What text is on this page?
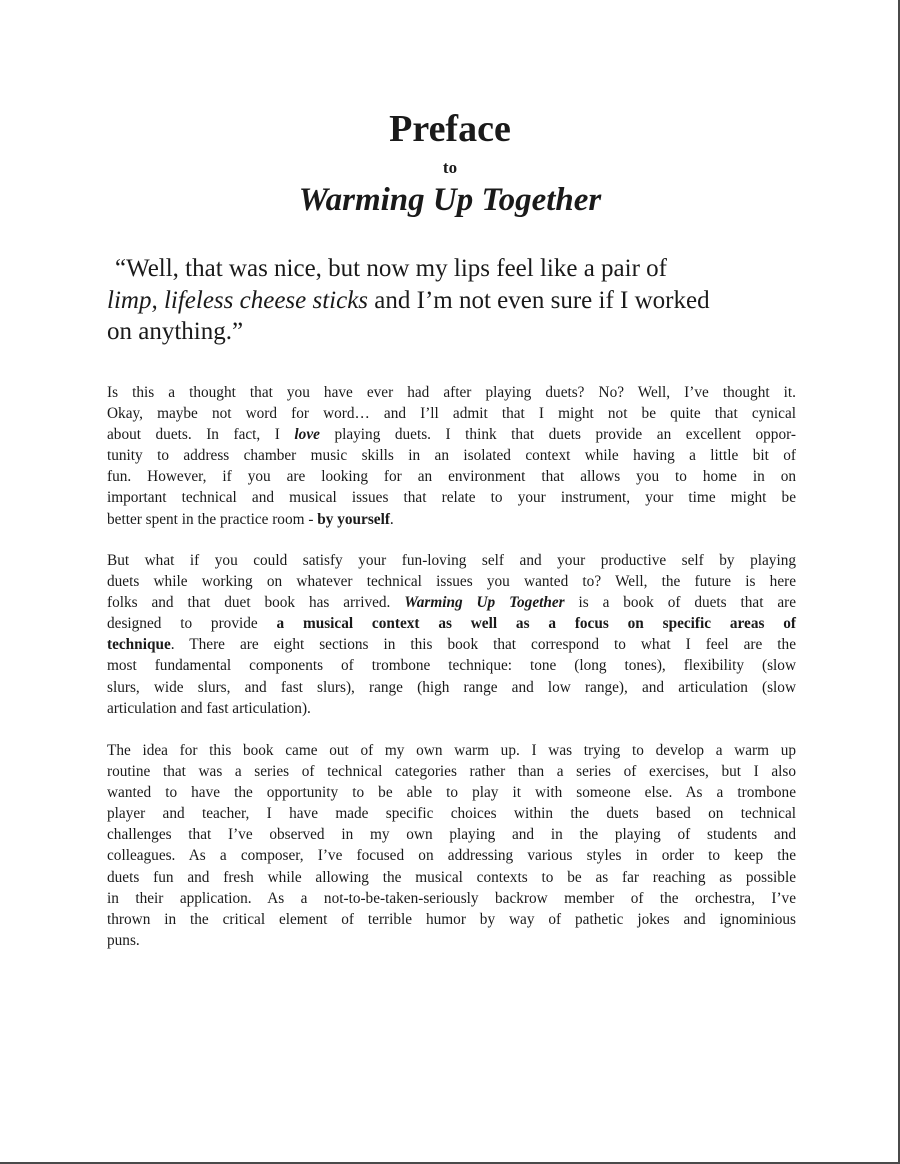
Preface
to
Warming Up Together
“Well, that was nice, but now my lips feel like a pair of
limp, lifeless cheese sticks and I’m not even sure if I worked
on anything.”
Is this a thought that you have ever had after playing duets? No? Well, I’ve thought it.
Okay, maybe not word for word… and I’ll admit that I might not be quite that cynical
about duets. In fact, I love playing duets. I think that duets provide an excellent oppor-
tunity to address chamber music skills in an isolated context while having a little bit of
fun. However, if you are looking for an environment that allows you to home in on
important technical and musical issues that relate to your instrument, your time might be
better spent in the practice room - by yourself.
But what if you could satisfy your fun-loving self and your productive self by playing
duets while working on whatever technical issues you wanted to? Well, the future is here
folks and that duet book has arrived. Warming Up Together is a book of duets that are
designed to provide a musical context as well as a focus on specific areas of
technique. There are eight sections in this book that correspond to what I feel are the
most fundamental components of trombone technique: tone (long tones), flexibility (slow
slurs, wide slurs, and fast slurs), range (high range and low range), and articulation (slow
articulation and fast articulation).
The idea for this book came out of my own warm up. I was trying to develop a warm up
routine that was a series of technical categories rather than a series of exercises, but I also
wanted to have the opportunity to be able to play it with someone else. As a trombone
player and teacher, I have made specific choices within the duets based on technical
challenges that I’ve observed in my own playing and in the playing of students and
colleagues. As a composer, I’ve focused on addressing various styles in order to keep the
duets fun and fresh while allowing the musical contexts to be as far reaching as possible
in their application. As a not-to-be-taken-seriously backrow member of the orchestra, I’ve
thrown in the critical element of terrible humor by way of pathetic jokes and ignominious
puns.
